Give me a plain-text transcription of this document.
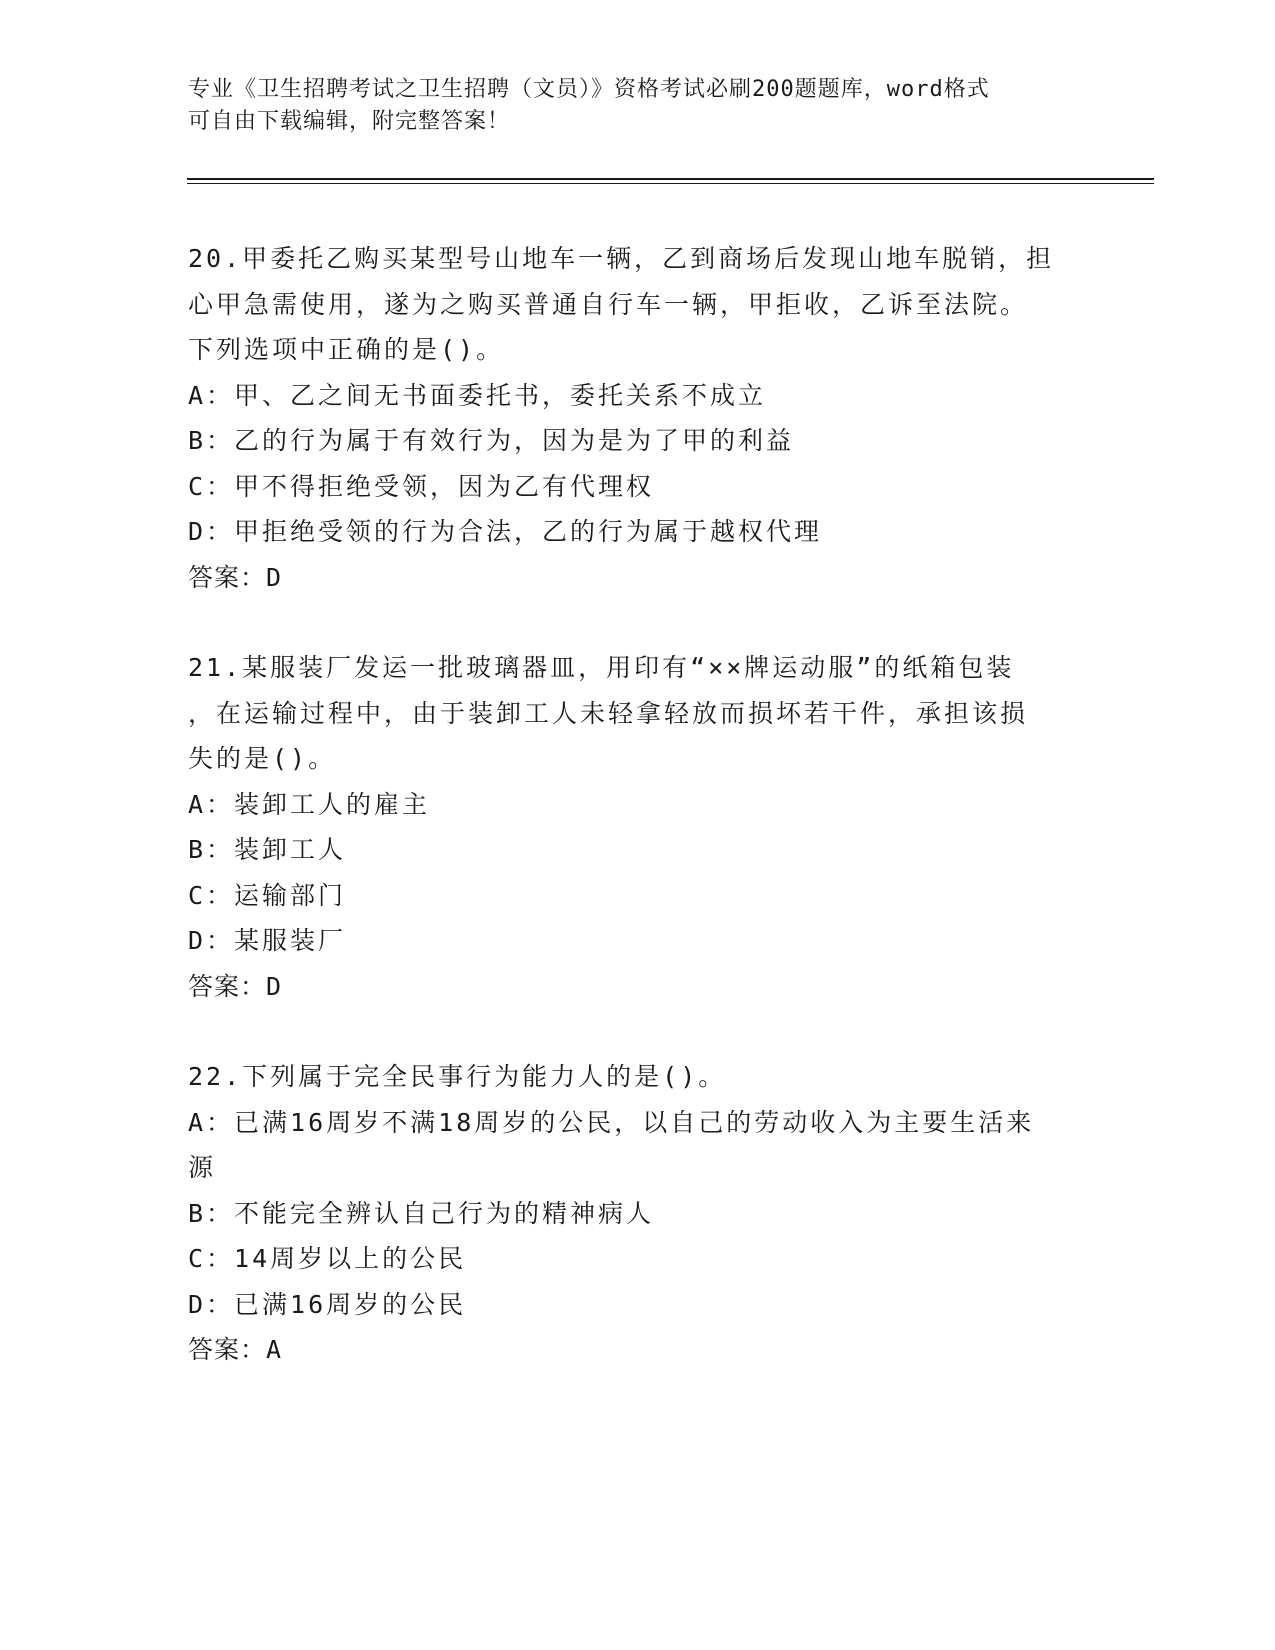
专业《卫生招聘考试之卫生招聘（文员）》资格考试必刷200题题库，word格式
可自由下载编辑，附完整答案！
20.甲委托乙购买某型号山地车一辆，乙到商场后发现山地车脱销，担
心甲急需使用，遂为之购买普通自行车一辆，甲拒收，乙诉至法院。
下列选项中正确的是()。
A：甲、乙之间无书面委托书，委托关系不成立
B：乙的行为属于有效行为，因为是为了甲的利益
C：甲不得拒绝受领，因为乙有代理权
D：甲拒绝受领的行为合法，乙的行为属于越权代理
答案：D
21.某服装厂发运一批玻璃器皿，用印有“××牌运动服”的纸箱包装
，在运输过程中，由于装卸工人未轻拿轻放而损坏若干件，承担该损
失的是()。
A：装卸工人的雇主
B：装卸工人
C：运输部门
D：某服装厂
答案：D
22.下列属于完全民事行为能力人的是()。
A：已满16周岁不满18周岁的公民，以自己的劳动收入为主要生活来
源
B：不能完全辨认自己行为的精神病人
C：14周岁以上的公民
D：已满16周岁的公民
答案：A
